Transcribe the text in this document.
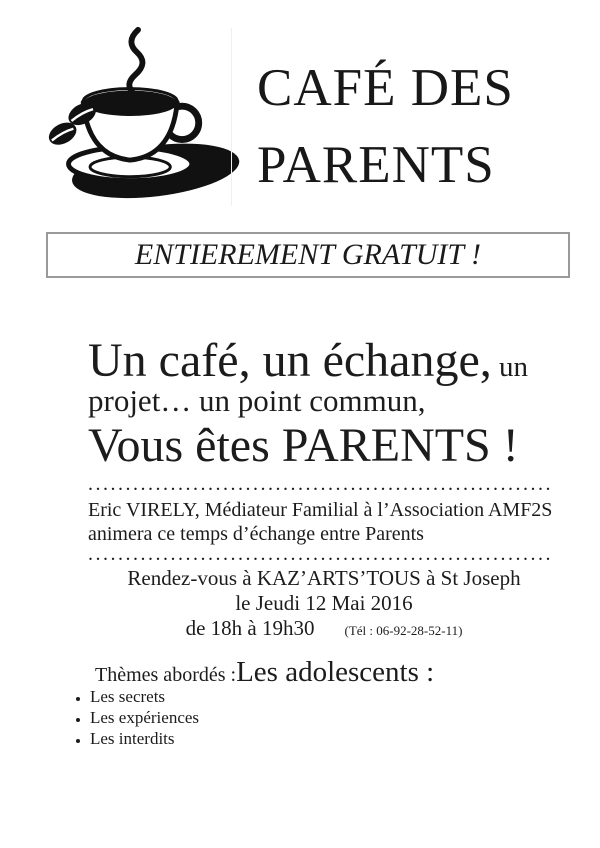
CAFÉ DES
PARENTS
ENTIEREMENT GRATUIT !
Un café, un échange, un
projet… un point commun,
Vous êtes PARENTS !
..............................................................
Eric VIRELY, Médiateur Familial à l’Association AMF2S
animera ce temps d’échange entre Parents
..............................................................
Rendez-vous à KAZ’ARTS’TOUS à St Joseph
le Jeudi 12 Mai 2016
de 18h à 19h30 (Tél : 06-92-28-52-11)
Thèmes abordés :Les adolescents :
• Les secrets
• Les expériences
• Les interdits
